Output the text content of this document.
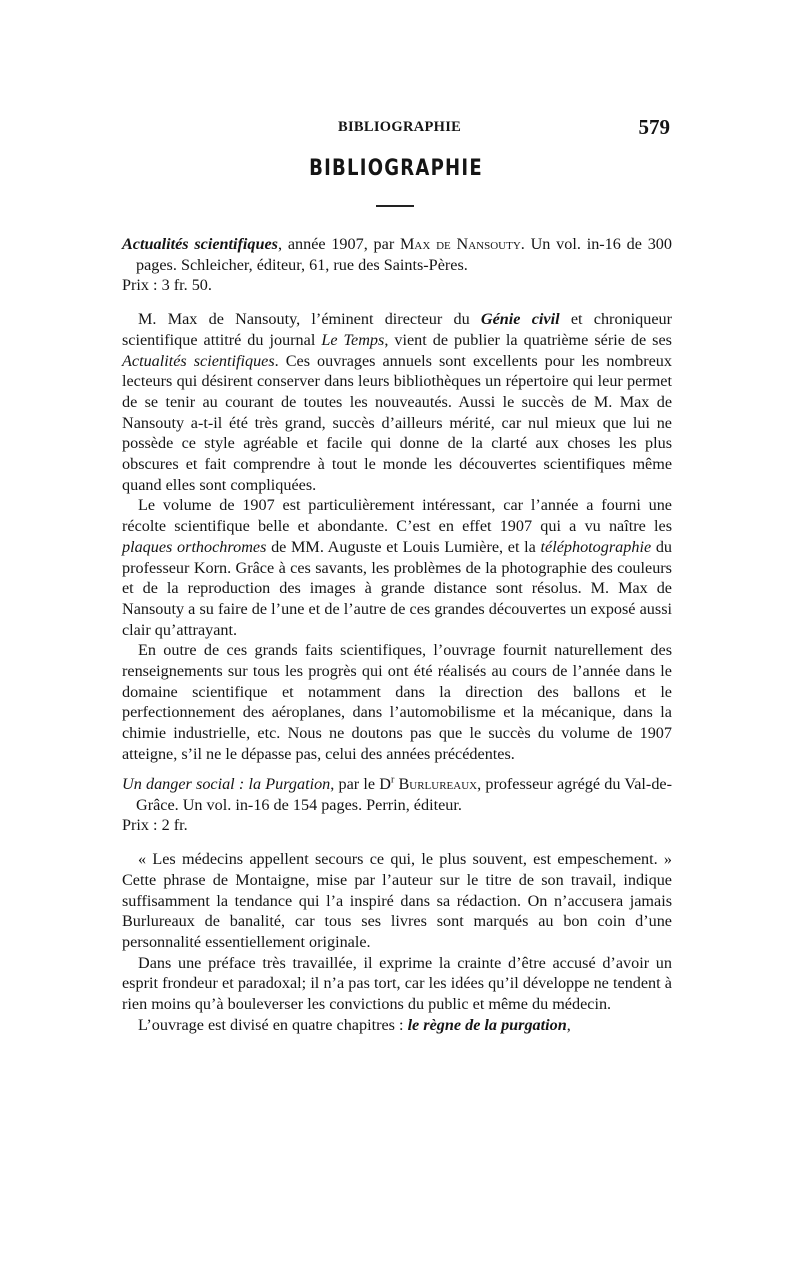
BIBLIOGRAPHIE	579
BIBLIOGRAPHIE

Actualités scientifiques, année 1907, par Max de Nansouty. Un vol. in-16 de 300 pages. Schleicher, éditeur, 61, rue des Saints-Pères.

Prix : 3 fr. 50.

M. Max de Nansouty, l’éminent directeur du Génie civil et chroniqueur scientifique attitré du journal Le Temps, vient de publier la quatrième série de ses Actualités scientifiques. Ces ouvrages annuels sont excellents pour les nombreux lecteurs qui désirent conserver dans leurs bibliothèques un répertoire qui leur permet de se tenir au courant de toutes les nouveautés. Aussi le succès de M. Max de Nansouty a-t-il été très grand, succès d’ailleurs mérité, car nul mieux que lui ne possède ce style agréable et facile qui donne de la clarté aux choses les plus obscures et fait comprendre à tout le monde les découvertes scientifiques même quand elles sont compliquées.

Le volume de 1907 est particulièrement intéressant, car l’année a fourni une récolte scientifique belle et abondante. C’est en effet 1907 qui a vu naître les plaques orthochromes de MM. Auguste et Louis Lumière, et la téléphotographie du professeur Korn. Grâce à ces savants, les problèmes de la photographie des couleurs et de la reproduction des images à grande distance sont résolus. M. Max de Nansouty a su faire de l’une et de l’autre de ces grandes découvertes un exposé aussi clair qu’attrayant.

En outre de ces grands faits scientifiques, l’ouvrage fournit naturellement des renseignements sur tous les progrès qui ont été réalisés au cours de l’année dans le domaine scientifique et notamment dans la direction des ballons et le perfectionnement des aéroplanes, dans l’automobilisme et la mécanique, dans la chimie industrielle, etc. Nous ne doutons pas que le succès du volume de 1907 atteigne, s’il ne le dépasse pas, celui des années précédentes.

Un danger social : la Purgation, par le $D^r$ Burlureaux, professeur agrégé du Val-de-Grâce. Un vol. in-16 de 154 pages. Perrin, éditeur.

Prix : 2 fr.

« Les médecins appellent secours ce qui, le plus souvent, est empeschement. » Cette phrase de Montaigne, mise par l’auteur sur le titre de son travail, indique suffisamment la tendance qui l’a inspiré dans sa rédaction. On n’accusera jamais Burlureaux de banalité, car tous ses livres sont marqués au bon coin d’une personnalité essentiellement originale.

Dans une préface très travaillée, il exprime la crainte d’être accusé d’avoir un esprit frondeur et paradoxal; il n’a pas tort, car les idées qu’il développe ne tendent à rien moins qu’à bouleverser les convictions du public et même du médecin.

L’ouvrage est divisé en quatre chapitres : le règne de la purgation,
